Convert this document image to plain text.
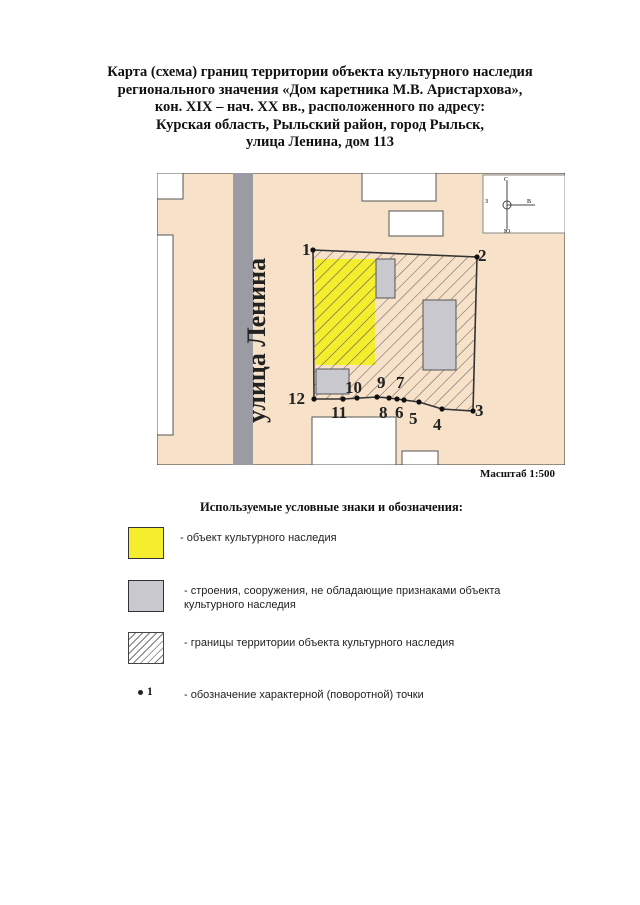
Карта (схема) границ территории объекта культурного наследия
регионального значения «Дом каретника М.В. Аристархова»,
кон. XIX – нач. XX вв., расположенного по адресу:
Курская область, Рыльский район, город Рыльск,
улица Ленина, дом 113
С
Ю
З	В
1	2
3
4
5
6
7
8
9
10
11
12
улица Ленина
Масштаб 1:500
Используемые условные знаки и обозначения:
- объект культурного наследия
- строения, сооружения, не обладающие признаками объекта
культурного наследия
- границы территории объекта культурного наследия
1	- обозначение характерной (поворотной) точки
